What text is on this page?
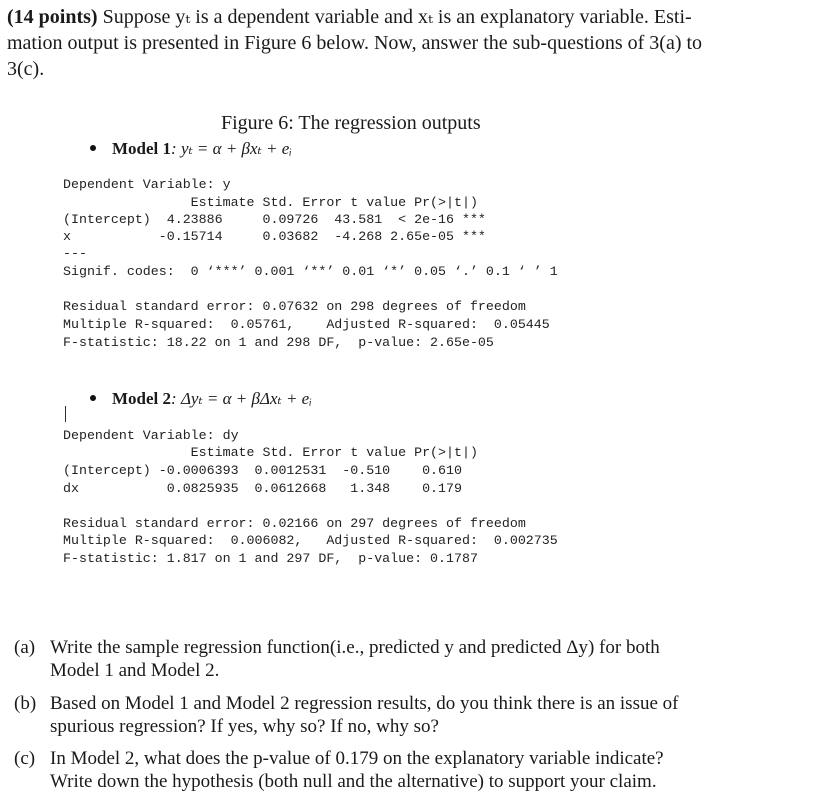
(14 points) Suppose yₜ is a dependent variable and xₜ is an explanatory variable. Esti-
mation output is presented in Figure 6 below. Now, answer the sub-questions of 3(a) to
3(c).
Figure 6: The regression outputs
Model 1: yₜ = α + βxₜ + eᵢ
Dependent Variable: y
Estimate Std. Error t value Pr(>|t|)
(Intercept)  4.23886     0.09726  43.581  < 2e-16 ***
x           -0.15714     0.03682  -4.268 2.65e-05 ***
---
Signif. codes:  0 ‘***’ 0.001 ‘**’ 0.01 ‘*’ 0.05 ‘.’ 0.1 ‘ ’ 1
Residual standard error: 0.07632 on 298 degrees of freedom
Multiple R-squared:  0.05761,    Adjusted R-squared:  0.05445
F-statistic: 18.22 on 1 and 298 DF,  p-value: 2.65e-05
Model 2: Δyₜ = α + βΔxₜ + eᵢ
Dependent Variable: dy
Estimate Std. Error t value Pr(>|t|)
(Intercept) -0.0006393  0.0012531  -0.510    0.610
dx           0.0825935  0.0612668   1.348    0.179
Residual standard error: 0.02166 on 297 degrees of freedom
Multiple R-squared:  0.006082,   Adjusted R-squared:  0.002735
F-statistic: 1.817 on 1 and 297 DF,  p-value: 0.1787
(a) Write the sample regression function(i.e., predicted y and predicted Δy) for both
Model 1 and Model 2.
(b) Based on Model 1 and Model 2 regression results, do you think there is an issue of
spurious regression? If yes, why so? If no, why so?
(c) In Model 2, what does the p-value of 0.179 on the explanatory variable indicate?
Write down the hypothesis (both null and the alternative) to support your claim.
